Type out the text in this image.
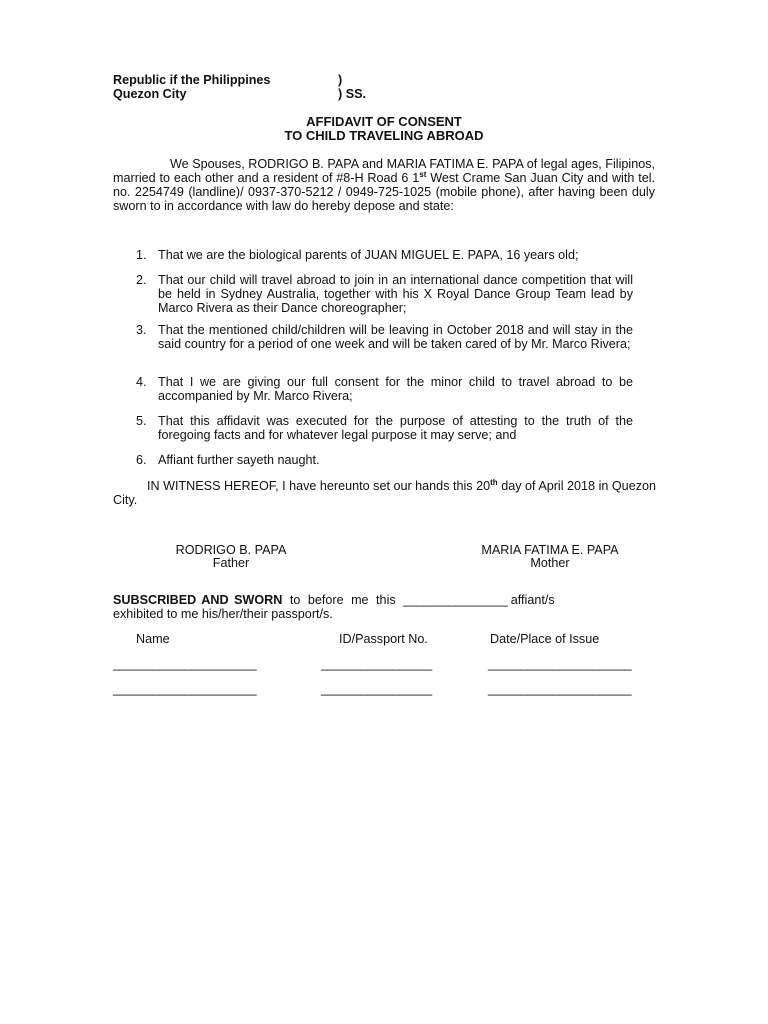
Republic if the Philippines	)
Quezon City	) SS.
AFFIDAVIT OF CONSENT
TO CHILD TRAVELING ABROAD
We Spouses, RODRIGO B. PAPA and MARIA FATIMA E. PAPA of legal ages, Filipinos, married to each other and a resident of #8-H Road 6 1st West Crame San Juan City and with tel. no. 2254749 (landline)/ 0937-370-5212 / 0949-725-1025 (mobile phone), after having been duly sworn to in accordance with law do hereby depose and state:
1. That we are the biological parents of JUAN MIGUEL E. PAPA, 16 years old;
2. That our child will travel abroad to join in an international dance competition that will be held in Sydney Australia, together with his X Royal Dance Group Team lead by Marco Rivera as their Dance choreographer;
3. That the mentioned child/children will be leaving in October 2018 and will stay in the said country for a period of one week and will be taken cared of by Mr. Marco Rivera;
4. That I we are giving our full consent for the minor child to travel abroad to be accompanied by Mr. Marco Rivera;
5. That this affidavit was executed for the purpose of attesting to the truth of the foregoing facts and for whatever legal purpose it may serve; and
6. Affiant further sayeth naught.
IN WITNESS HEREOF, I have hereunto set our hands this 20th day of April 2018 in Quezon City.
RODRIGO B. PAPA
Father
MARIA FATIMA E. PAPA
Mother
SUBSCRIBED AND SWORN to before me this ________________ affiant/s
exhibited to me his/her/their passport/s.
Name	ID/Passport No.	Date/Place of Issue
______________________	_________________	______________________
______________________	_________________	______________________
